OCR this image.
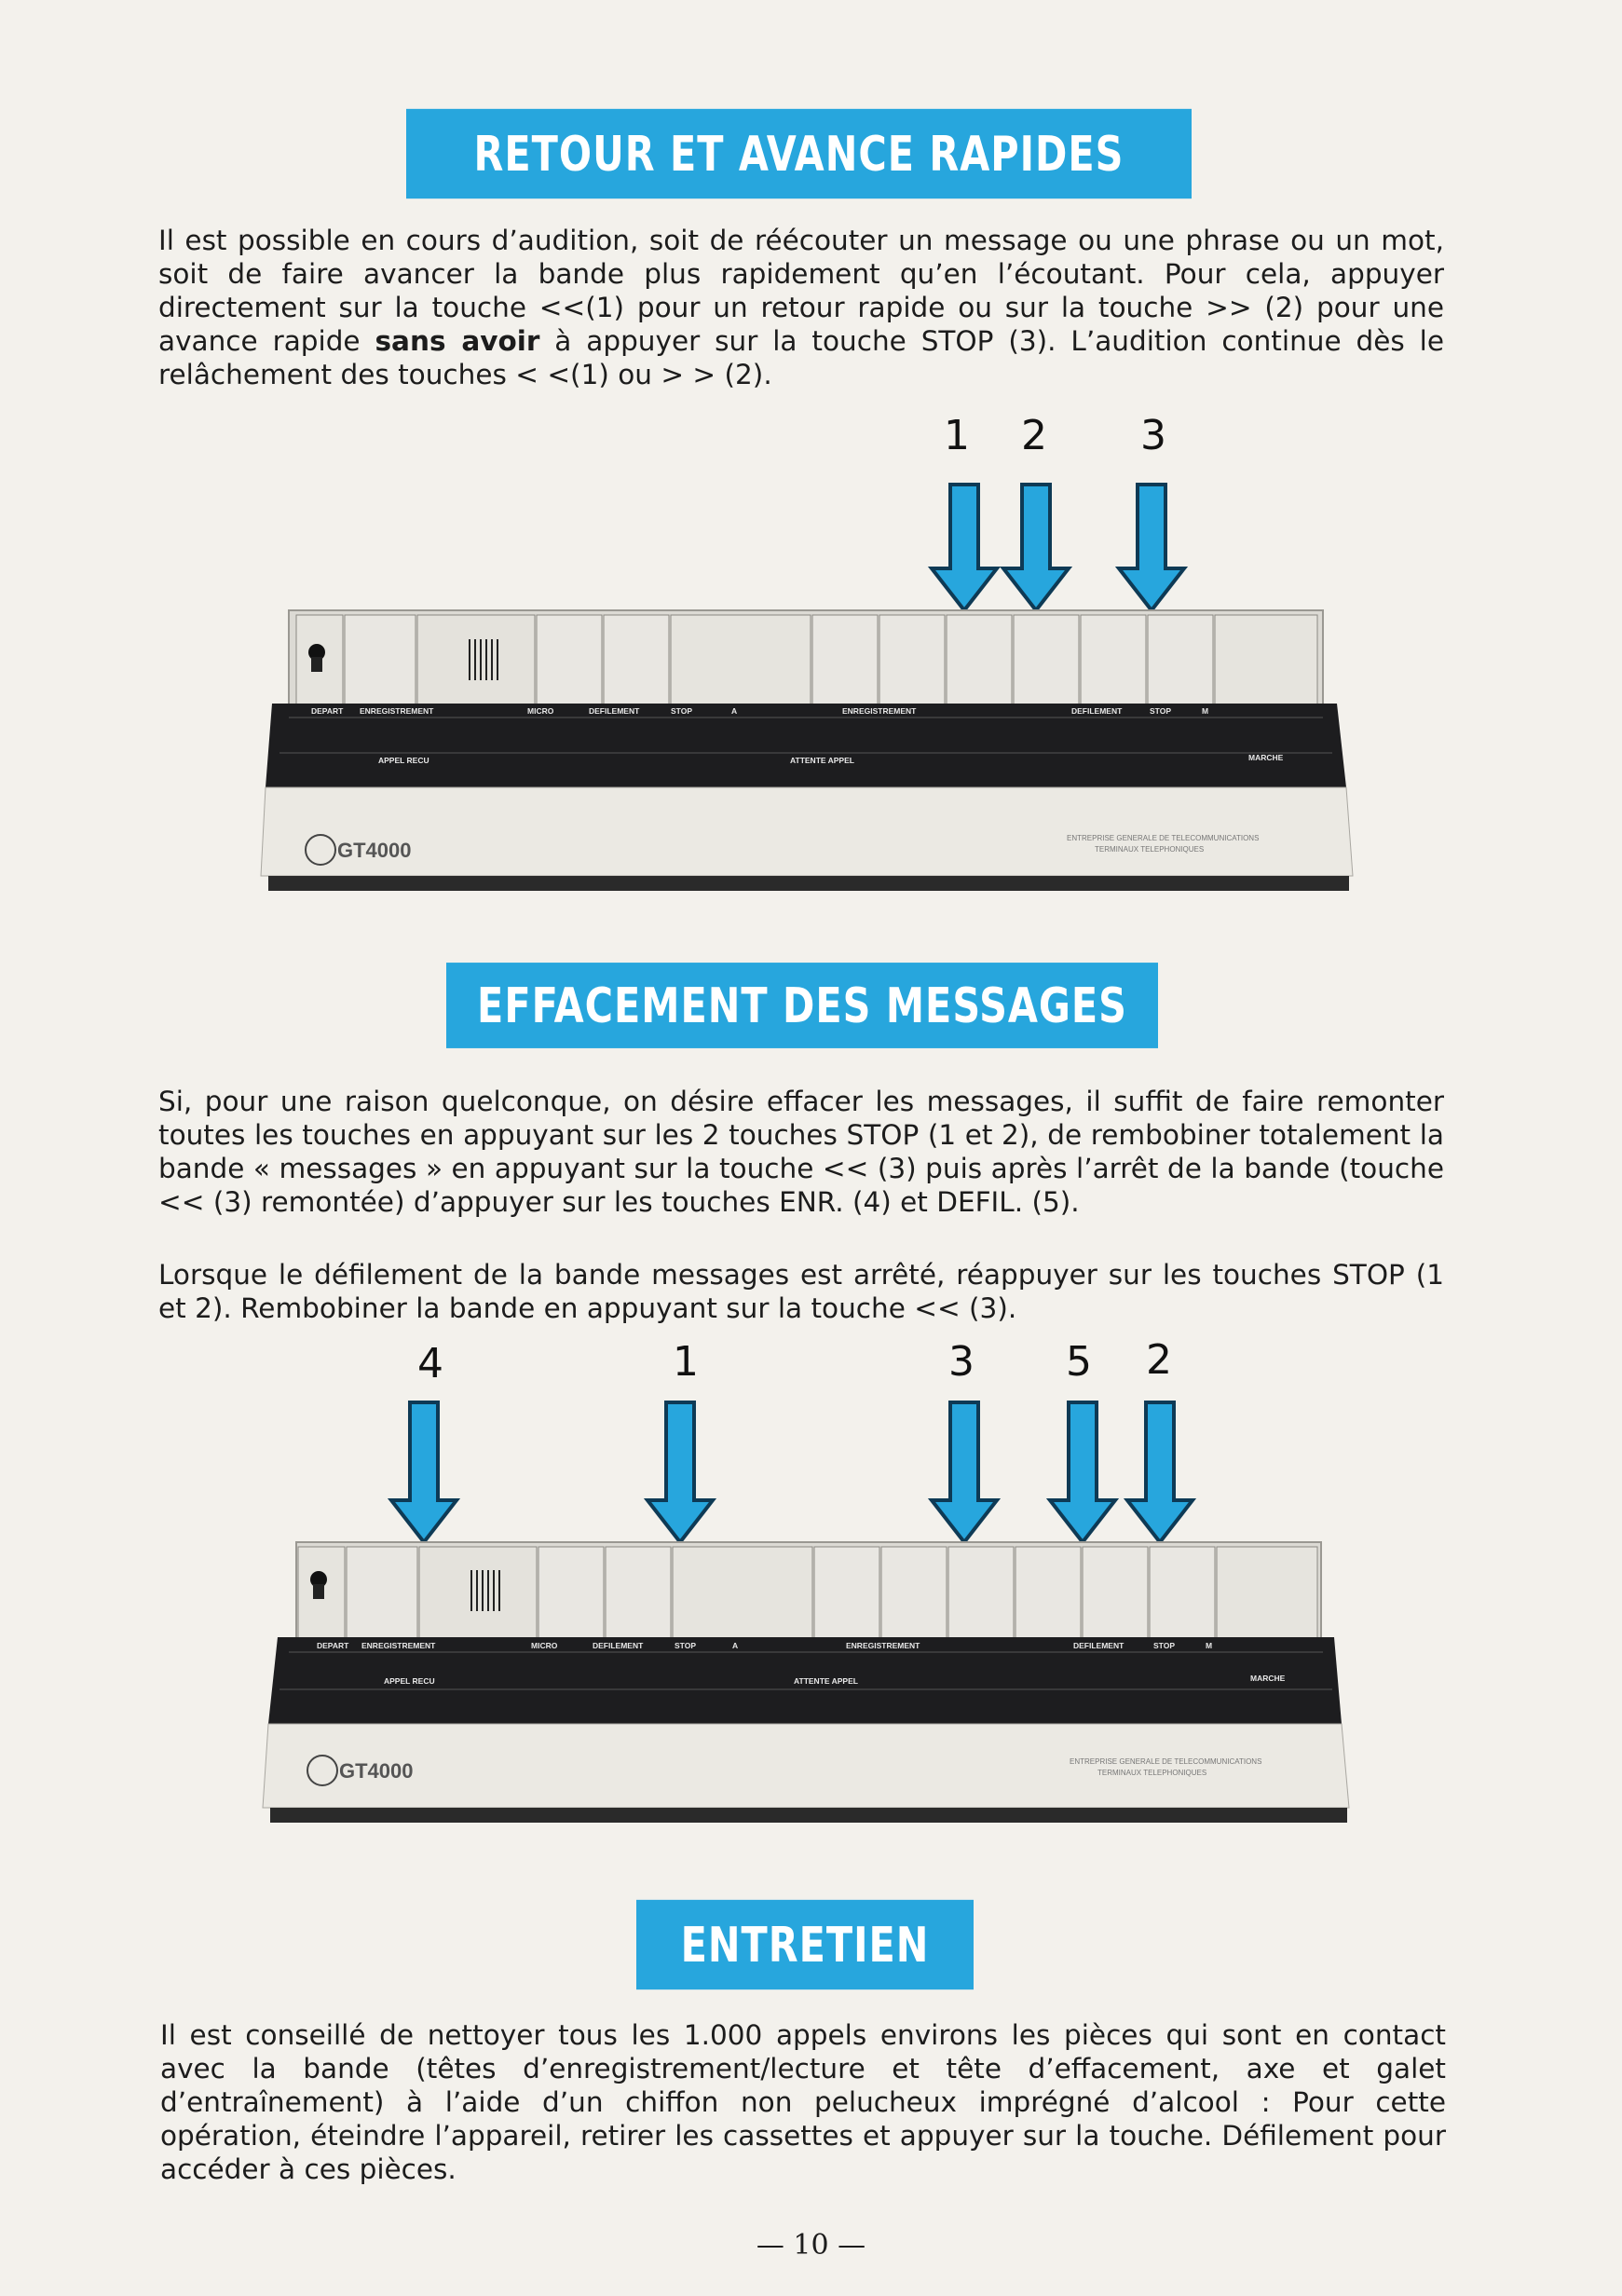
RETOUR ET AVANCE RAPIDES

Il est possible en cours d’audition, soit de réécouter un message ou une phrase ou un mot, soit de faire avancer la bande plus rapidement qu’en l’écoutant. Pour cela, appuyer directement sur la touche <<(1) pour un retour rapide ou sur la touche >> (2) pour une avance rapide sans avoir à appuyer sur la touche STOP (3). L’audition continue dès le relâchement des touches < <(1) ou > > (2).

1 2 3
DEPART ENREGISTREMENT	MICRO	DEFILEMENT	STOP	A	ENREGISTREMENT	DEFILEMENT	STOP	M
APPEL RECU	ATTENTE APPEL	MARCHE
GT4000
ENTREPRISE GENERALE DE TELECOMMUNICATIONS
TERMINAUX TELEPHONIQUES
EFFACEMENT DES MESSAGES

Si, pour une raison quelconque, on désire effacer les messages, il suffit de faire remonter toutes les touches en appuyant sur les 2 touches STOP (1 et 2), de rembobiner totalement la bande « messages » en appuyant sur la touche << (3) puis après l’arrêt de la bande (touche << (3) remontée) d’appuyer sur les touches ENR. (4) et DEFIL. (5).

Lorsque le défilement de la bande messages est arrêté, réappuyer sur les touches STOP (1 et 2). Rembobiner la bande en appuyant sur la touche << (3).

4	1	3 5 2
DEPART ENREGISTREMENT	MICRO	DEFILEMENT	STOP	A	ENREGISTREMENT	DEFILEMENT	STOP	M
APPEL RECU	ATTENTE APPEL	MARCHE
GT4000	ENTREPRISE GENERALE DE TELECOMMUNICATIONS
TERMINAUX TELEPHONIQUES
ENTRETIEN

Il est conseillé de nettoyer tous les 1.000 appels environs les pièces qui sont en contact avec la bande (têtes d’enregistrement/lecture et tête d’effacement, axe et galet d’entraînement) à l’aide d’un chiffon non pelucheux imprégné d’alcool : Pour cette opération, éteindre l’appareil, retirer les cassettes et appuyer sur la touche. Défilement pour accéder à ces pièces.

— 10 —
